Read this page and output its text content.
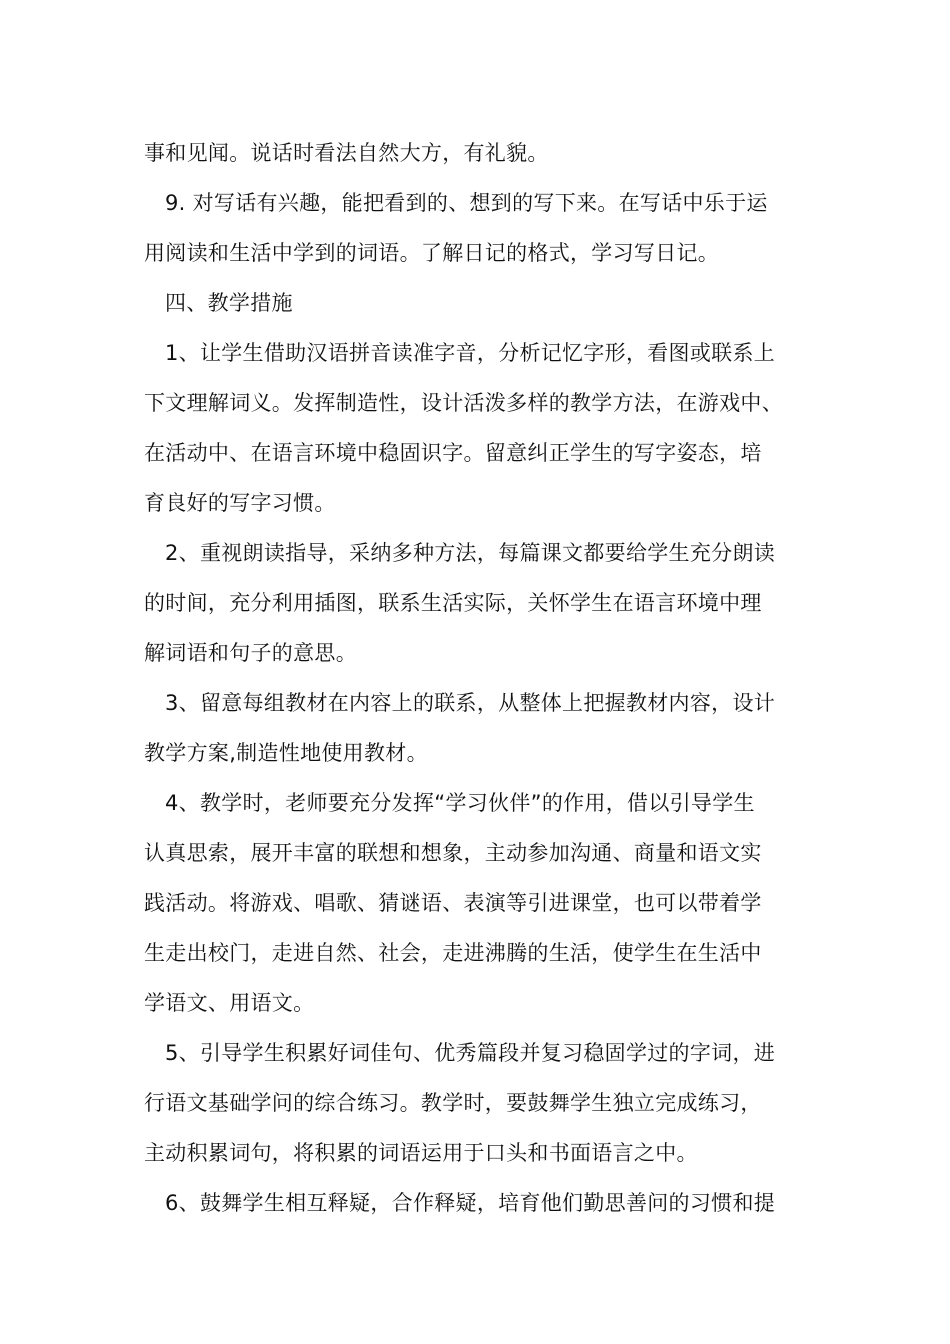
事和见闻。说话时看法自然大方，有礼貌。
9. 对写话有兴趣，能把看到的、想到的写下来。在写话中乐于运
用阅读和生活中学到的词语。了解日记的格式，学习写日记。
四、教学措施
1、让学生借助汉语拼音读准字音，分析记忆字形，看图或联系上
下文理解词义。发挥制造性，设计活泼多样的教学方法，在游戏中、
在活动中、在语言环境中稳固识字。留意纠正学生的写字姿态，培
育良好的写字习惯。
2、重视朗读指导，采纳多种方法，每篇课文都要给学生充分朗读
的时间，充分利用插图，联系生活实际，关怀学生在语言环境中理
解词语和句子的意思。
3、留意每组教材在内容上的联系，从整体上把握教材内容，设计
教学方案,制造性地使用教材。
4、教学时，老师要充分发挥“学习伙伴”的作用，借以引导学生
认真思索，展开丰富的联想和想象，主动参加沟通、商量和语文实
践活动。将游戏、唱歌、猜谜语、表演等引进课堂，也可以带着学
生走出校门，走进自然、社会，走进沸腾的生活，使学生在生活中
学语文、用语文。
5、引导学生积累好词佳句、优秀篇段并复习稳固学过的字词，进
行语文基础学问的综合练习。教学时，要鼓舞学生独立完成练习，
主动积累词句，将积累的词语运用于口头和书面语言之中。
6、鼓舞学生相互释疑，合作释疑，培育他们勤思善问的习惯和提
